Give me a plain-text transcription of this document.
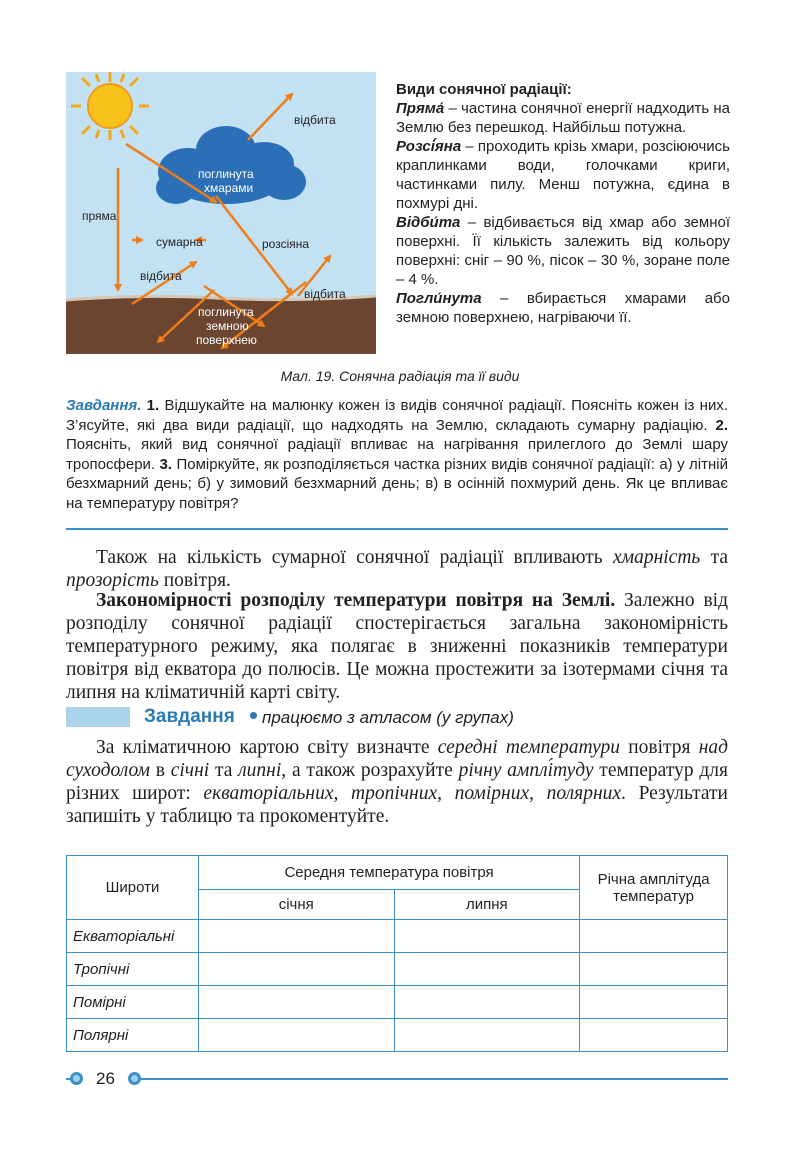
пряма
сумарна
відбита
відбита
розсіяна
відбита
поглинута
хмарами
поглинута
земною
поверхнею

Види сонячної радіації:

Пряма́ – частина сонячної енергії надходить на Землю без перешкод. Найбільш потужна.

Розсі́яна – проходить крізь хмари, розсіюючись краплинками води, голочками криги, частинками пилу. Менш потужна, єдина в похмурі дні.

Відби́та – відбивається від хмар або земної поверхні. Її кількість залежить від кольору поверхні: сніг – 90 %, пісок – 30 %, зоране поле – 4 %.

Погли́нута – вбирається хмарами або земною поверхнею, нагріваючи її.

Мал. 19. Сонячна радіація та її види
Завдання. 1. Відшукайте на малюнку кожен із видів сонячної радіації. Поясніть кожен із них. З’ясуйте, які два види радіації, що надходять на Землю, складають сумарну радіацію. 2. Поясніть, який вид сонячної радіації впливає на нагрівання прилеглого до Землі шару тропосфери. 3. Поміркуйте, як розподіляється частка різних видів сонячної радіації: а) у літній безхмарний день; б) у зимовий безхмарний день; в) в осінній похмурий день. Як це впливає на температуру повітря?

Також на кількість сумарної сонячної радіації впливають хмарність та прозорість повітря.

Закономірності розподілу температури повітря на Землі. Залежно від розподілу сонячної радіації спостерігається загальна закономірність температурного режиму, яка полягає в зниженні показників температури повітря від екватора до полюсів. Це можна простежити за ізотермами січня та липня на кліматичній карті світу.

Завдання працюємо з атласом (у групах)

За кліматичною картою світу визначте середні температури повітря над суходолом в січні та липні, а також розрахуйте річну амплі́туду температур для різних широт: екваторіальних, тропічних, помірних, полярних. Результати запишіть у таблицю та прокоментуйте.

Широти	Середня температура повітря		Річна амплітуда температур
	січня	липня	
Екваторіальні			
Тропічні			
Помірні			
Полярні			
26
